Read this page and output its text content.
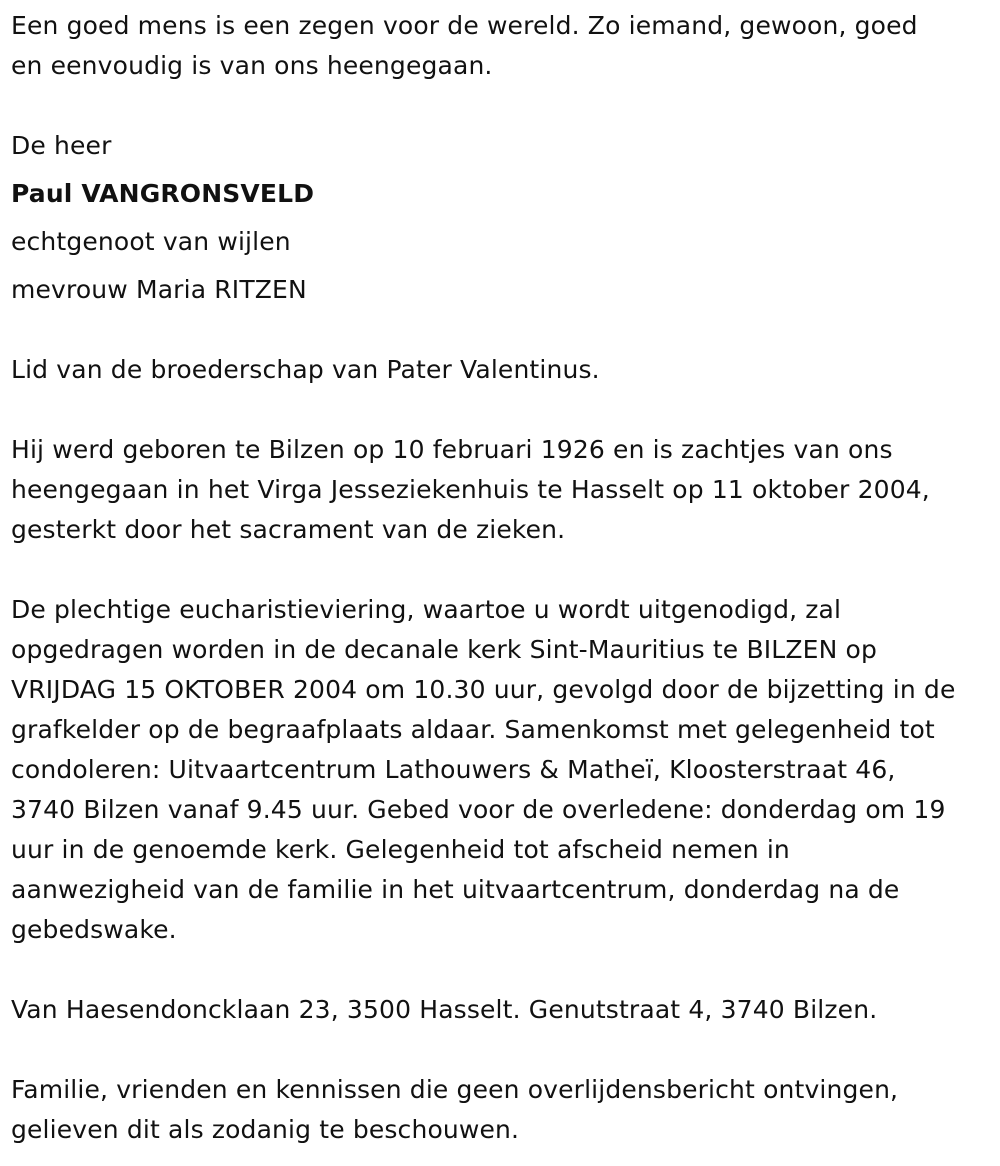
Een goed mens is een zegen voor de wereld. Zo iemand, gewoon, goed
en eenvoudig is van ons heengegaan.
De heer
Paul VANGRONSVELD
echtgenoot van wijlen
mevrouw Maria RITZEN
Lid van de broederschap van Pater Valentinus.
Hij werd geboren te Bilzen op 10 februari 1926 en is zachtjes van ons
heengegaan in het Virga Jesseziekenhuis te Hasselt op 11 oktober 2004,
gesterkt door het sacrament van de zieken.
De plechtige eucharistieviering, waartoe u wordt uitgenodigd, zal
opgedragen worden in de decanale kerk Sint-Mauritius te BILZEN op
VRIJDAG 15 OKTOBER 2004 om 10.30 uur, gevolgd door de bijzetting in de
grafkelder op de begraafplaats aldaar. Samenkomst met gelegenheid tot
condoleren: Uitvaartcentrum Lathouwers & Matheï, Kloosterstraat 46,
3740 Bilzen vanaf 9.45 uur. Gebed voor de overledene: donderdag om 19
uur in de genoemde kerk. Gelegenheid tot afscheid nemen in
aanwezigheid van de familie in het uitvaartcentrum, donderdag na de
gebedswake.
Van Haesendoncklaan 23, 3500 Hasselt. Genutstraat 4, 3740 Bilzen.
Familie, vrienden en kennissen die geen overlijdensbericht ontvingen,
gelieven dit als zodanig te beschouwen.
